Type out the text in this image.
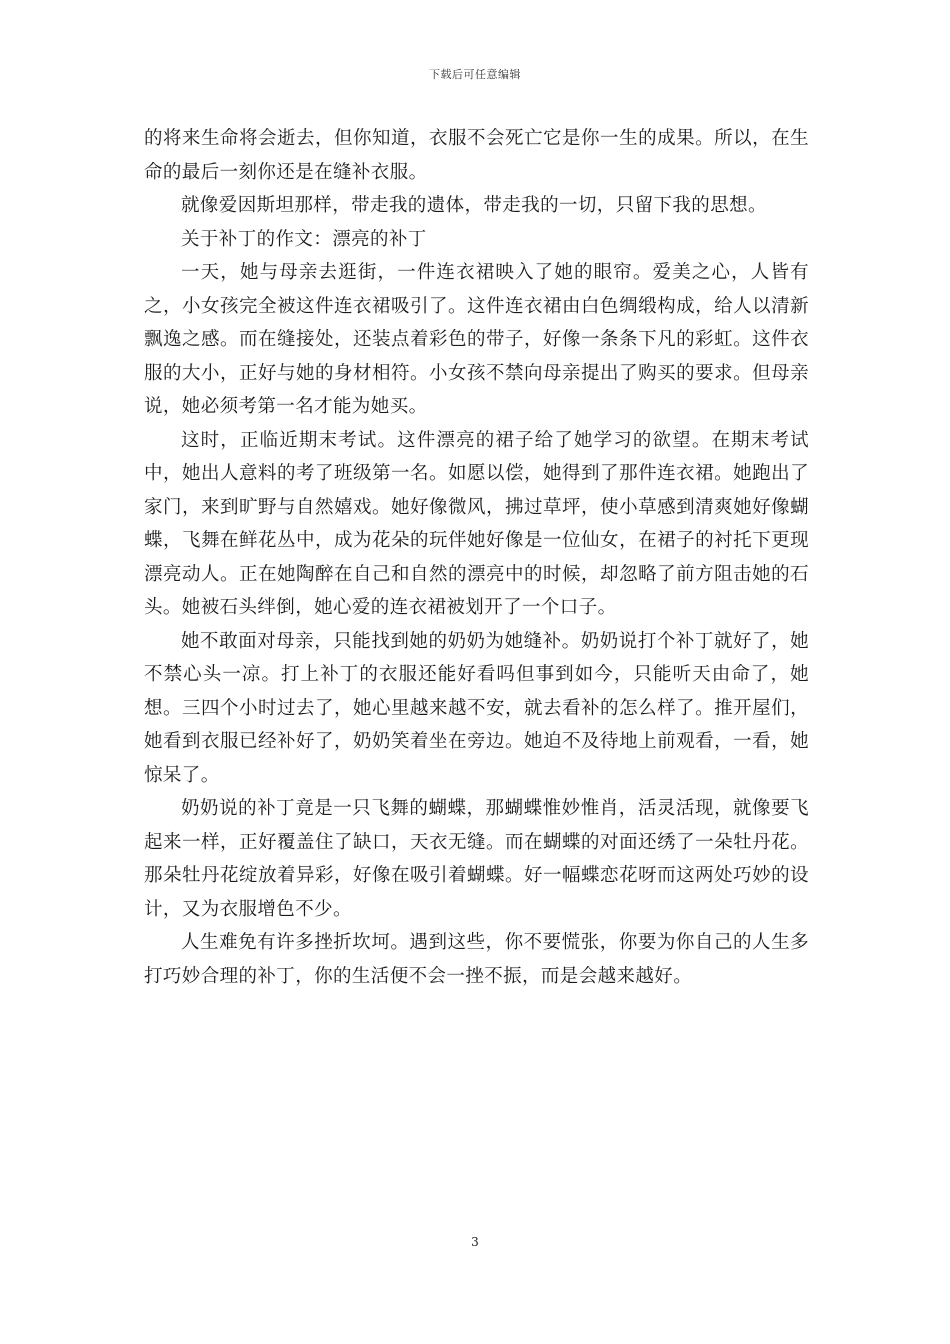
下载后可任意编辑

的将来生命将会逝去，但你知道，衣服不会死亡它是你一生的成果。所以，在生命的最后一刻你还是在缝补衣服。

就像爱因斯坦那样，带走我的遗体，带走我的一切，只留下我的思想。

关于补丁的作文：漂亮的补丁

一天，她与母亲去逛街，一件连衣裙映入了她的眼帘。爱美之心，人皆有之，小女孩完全被这件连衣裙吸引了。这件连衣裙由白色绸缎构成，给人以清新飘逸之感。而在缝接处，还装点着彩色的带子，好像一条条下凡的彩虹。这件衣服的大小，正好与她的身材相符。小女孩不禁向母亲提出了购买的要求。但母亲说，她必须考第一名才能为她买。

这时，正临近期末考试。这件漂亮的裙子给了她学习的欲望。在期末考试中，她出人意料的考了班级第一名。如愿以偿，她得到了那件连衣裙。她跑出了家门，来到旷野与自然嬉戏。她好像微风，拂过草坪，使小草感到清爽她好像蝴蝶，飞舞在鲜花丛中，成为花朵的玩伴她好像是一位仙女，在裙子的衬托下更现漂亮动人。正在她陶醉在自己和自然的漂亮中的时候，却忽略了前方阻击她的石头。她被石头绊倒，她心爱的连衣裙被划开了一个口子。

她不敢面对母亲，只能找到她的奶奶为她缝补。奶奶说打个补丁就好了，她不禁心头一凉。打上补丁的衣服还能好看吗但事到如今，只能听天由命了，她想。三四个小时过去了，她心里越来越不安，就去看补的怎么样了。推开屋们，她看到衣服已经补好了，奶奶笑着坐在旁边。她迫不及待地上前观看，一看，她惊呆了。

奶奶说的补丁竟是一只飞舞的蝴蝶，那蝴蝶惟妙惟肖，活灵活现，就像要飞起来一样，正好覆盖住了缺口，天衣无缝。而在蝴蝶的对面还绣了一朵牡丹花。那朵牡丹花绽放着异彩，好像在吸引着蝴蝶。好一幅蝶恋花呀而这两处巧妙的设计，又为衣服增色不少。

人生难免有许多挫折坎坷。遇到这些，你不要慌张，你要为你自己的人生多打巧妙合理的补丁，你的生活便不会一挫不振，而是会越来越好。

3
